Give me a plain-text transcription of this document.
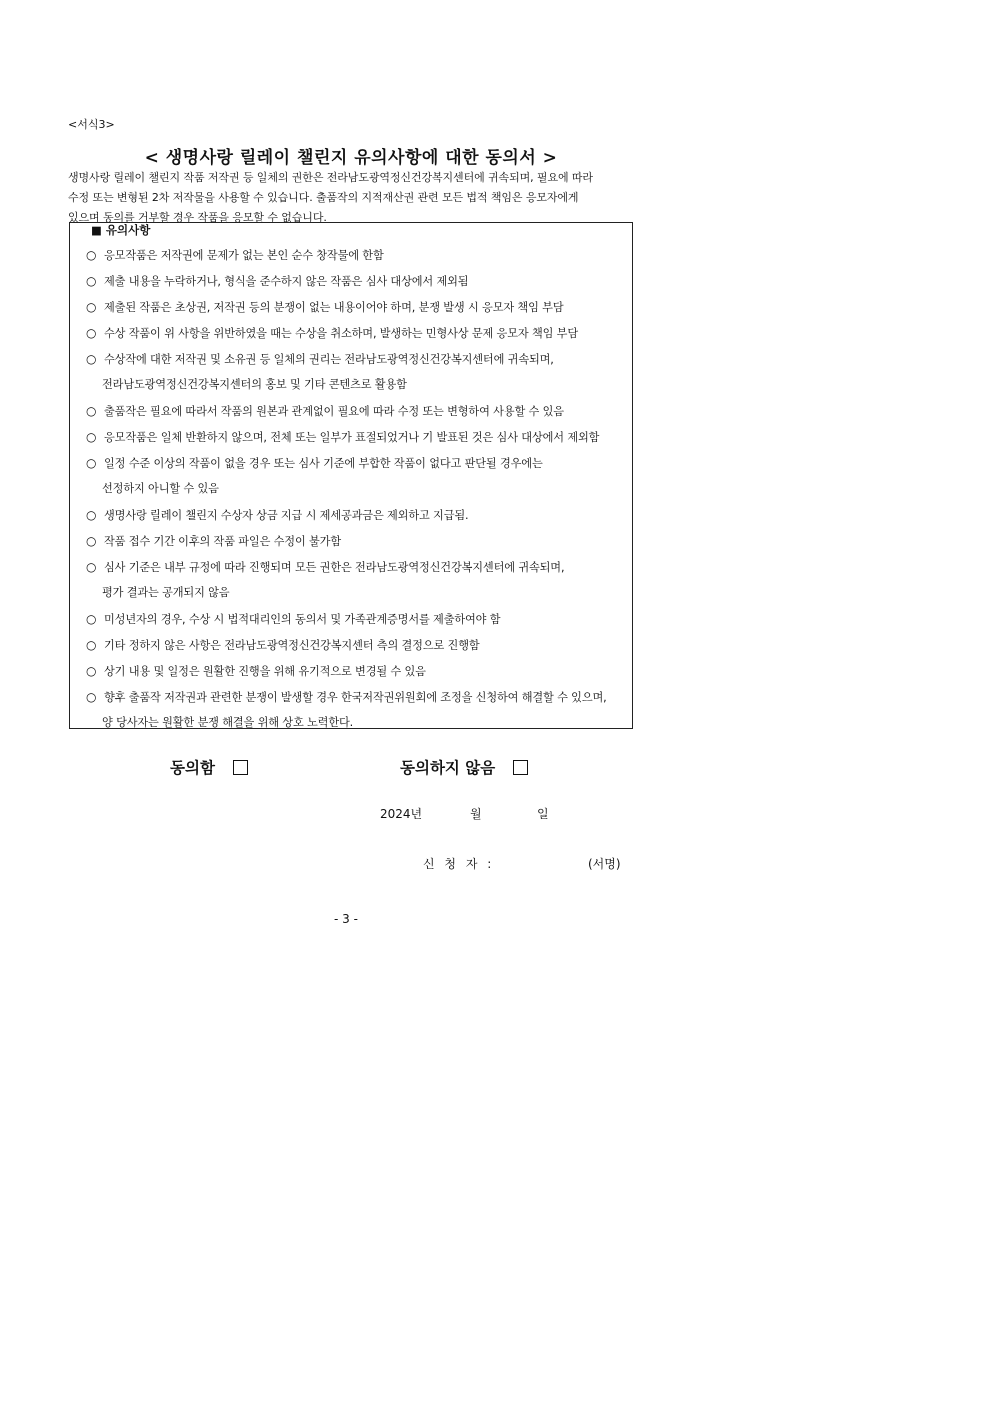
<서식3>
< 생명사랑 릴레이 챌린지 유의사항에 대한 동의서 >
생명사랑 릴레이 챌린지 작품 저작권 등 일체의 권한은 전라남도광역정신건강복지센터에 귀속되며, 필요에 따라
수정 또는 변형된 2차 저작물을 사용할 수 있습니다. 출품작의 지적재산권 관련 모든 법적 책임은 응모자에게
있으며 동의를 거부할 경우 작품을 응모할 수 없습니다.
■ 유의사항
○ 응모작품은 저작권에 문제가 없는 본인 순수 창작물에 한함
○ 제출 내용을 누락하거나, 형식을 준수하지 않은 작품은 심사 대상에서 제외됨
○ 제출된 작품은 초상권, 저작권 등의 분쟁이 없는 내용이어야 하며, 분쟁 발생 시 응모자 책임 부담
○ 수상 작품이 위 사항을 위반하였을 때는 수상을 취소하며, 발생하는 민형사상 문제 응모자 책임 부담
○ 수상작에 대한 저작권 및 소유권 등 일체의 권리는 전라남도광역정신건강복지센터에 귀속되며,
전라남도광역정신건강복지센터의 홍보 및 기타 콘텐츠로 활용함
○ 출품작은 필요에 따라서 작품의 원본과 관계없이 필요에 따라 수정 또는 변형하여 사용할 수 있음
○ 응모작품은 일체 반환하지 않으며, 전체 또는 일부가 표절되었거나 기 발표된 것은 심사 대상에서 제외함
○ 일정 수준 이상의 작품이 없을 경우 또는 심사 기준에 부합한 작품이 없다고 판단될 경우에는
선정하지 아니할 수 있음
○ 생명사랑 릴레이 챌린지 수상자 상금 지급 시 제세공과금은 제외하고 지급됨.
○ 작품 접수 기간 이후의 작품 파일은 수정이 불가함
○ 심사 기준은 내부 규정에 따라 진행되며 모든 권한은 전라남도광역정신건강복지센터에 귀속되며,
평가 결과는 공개되지 않음
○ 미성년자의 경우, 수상 시 법적대리인의 동의서 및 가족관계증명서를 제출하여야 함
○ 기타 정하지 않은 사항은 전라남도광역정신건강복지센터 측의 결정으로 진행함
○ 상기 내용 및 일정은 원활한 진행을 위해 유기적으로 변경될 수 있음
○ 향후 출품작 저작권과 관련한 분쟁이 발생할 경우 한국저작권위원회에 조정을 신청하여 해결할 수 있으며,
양 당사자는 원활한 분쟁 해결을 위해 상호 노력한다.
동의함	동의하지 않음
2024년	월	일
신 청 자 :	(서명)
- 3 -
